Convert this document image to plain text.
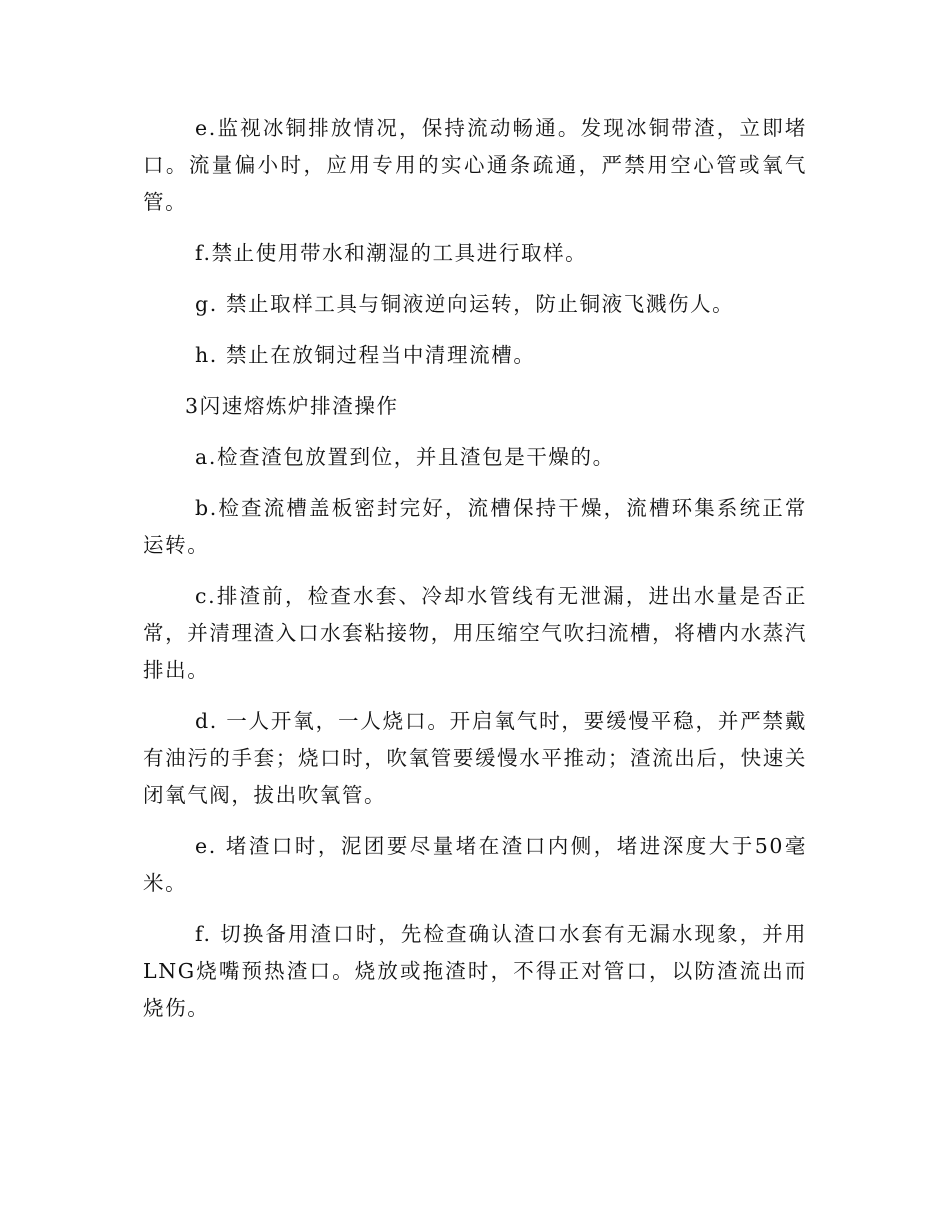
e.监视冰铜排放情况，保持流动畅通。发现冰铜带渣，立即堵口。流量偏小时，应用专用的实心通条疏通，严禁用空心管或氧气管。

f.禁止使用带水和潮湿的工具进行取样。

g. 禁止取样工具与铜液逆向运转，防止铜液飞溅伤人。

h. 禁止在放铜过程当中清理流槽。

3闪速熔炼炉排渣操作

a.检查渣包放置到位，并且渣包是干燥的。

b.检查流槽盖板密封完好，流槽保持干燥，流槽环集系统正常运转。

c.排渣前，检查水套、冷却水管线有无泄漏，进出水量是否正常，并清理渣入口水套粘接物，用压缩空气吹扫流槽，将槽内水蒸汽排出。

d. 一人开氧，一人烧口。开启氧气时，要缓慢平稳，并严禁戴有油污的手套；烧口时，吹氧管要缓慢水平推动；渣流出后，快速关闭氧气阀，拔出吹氧管。

e. 堵渣口时，泥团要尽量堵在渣口内侧，堵进深度大于50毫米。

f. 切换备用渣口时，先检查确认渣口水套有无漏水现象，并用LNG烧嘴预热渣口。烧放或拖渣时，不得正对管口，以防渣流出而烧伤。
